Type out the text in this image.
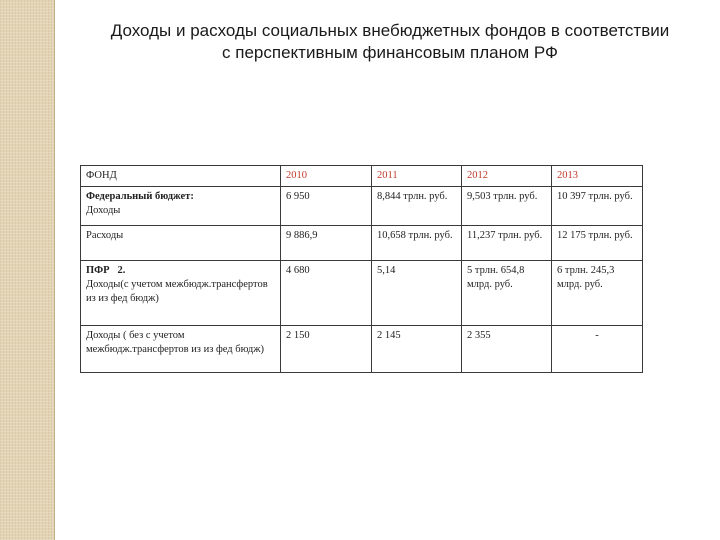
Доходы и расходы социальных внебюджетных фондов в соответствии
с перспективным финансовым планом РФ
ФОНД	2010	2011	2012	2013

Федеральный бюджет:
Доходы	6 950	8,844 трлн. руб.	9,503 трлн. руб.	10 397 трлн. руб.

Расходы	9 886,9	10,658 трлн. руб.	11,237 трлн. руб.	12 175 трлн. руб.

ПФР   2.
Доходы(с учетом межбюдж.трансфертов из из фед бюдж)	4 680	5,14	5 трлн. 654,8 млрд. руб.	6 трлн. 245,3 млрд. руб.

Доходы ( без с учетом межбюдж.трансфертов из из фед бюдж)	2 150	2 145	2 355	-
